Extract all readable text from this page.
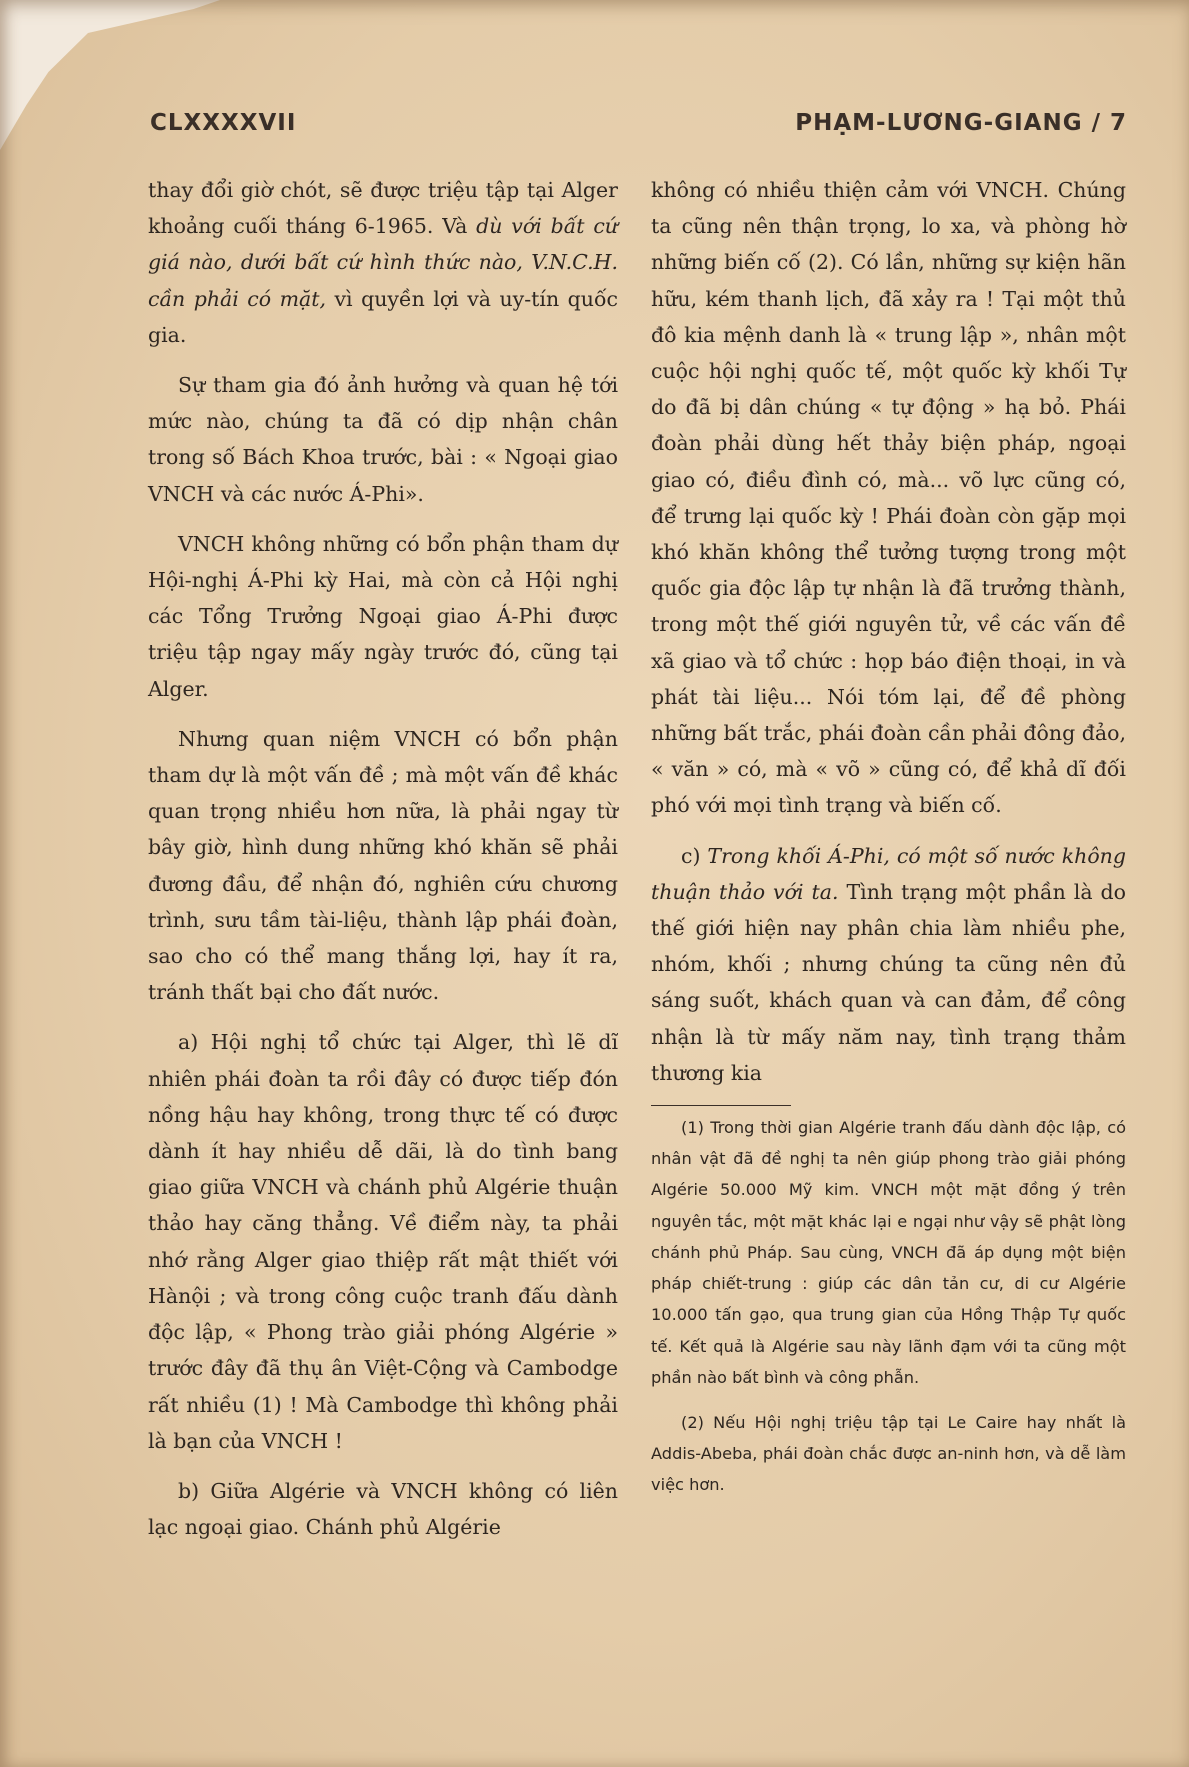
CLXXXXVII	PHẠM-LƯƠNG-GIANG / 7

thay đổi giờ chót, sẽ được triệu tập tại Alger khoảng cuối tháng 6-1965. Và dù với bất cứ giá nào, dưới bất cứ hình thức nào, V.N.C.H. cần phải có mặt, vì quyền lợi và uy-tín quốc gia.

Sự tham gia đó ảnh hưởng và quan hệ tới mức nào, chúng ta đã có dịp nhận chân trong số Bách Khoa trước, bài : « Ngoại giao VNCH và các nước Á-Phi».

VNCH không những có bổn phận tham dự Hội-nghị Á-Phi kỳ Hai, mà còn cả Hội nghị các Tổng Trưởng Ngoại giao Á-Phi được triệu tập ngay mấy ngày trước đó, cũng tại Alger.

Nhưng quan niệm VNCH có bổn phận tham dự là một vấn đề ; mà một vấn đề khác quan trọng nhiều hơn nữa, là phải ngay từ bây giờ, hình dung những khó khăn sẽ phải đương đầu, để nhận đó, nghiên cứu chương trình, sưu tầm tài-liệu, thành lập phái đoàn, sao cho có thể mang thắng lợi, hay ít ra, tránh thất bại cho đất nước.

a) Hội nghị tổ chức tại Alger, thì lẽ dĩ nhiên phái đoàn ta rồi đây có được tiếp đón nồng hậu hay không, trong thực tế có được dành ít hay nhiều dễ dãi, là do tình bang giao giữa VNCH và chánh phủ Algérie thuận thảo hay căng thẳng. Về điểm này, ta phải nhớ rằng Alger giao thiệp rất mật thiết với Hànội ; và trong công cuộc tranh đấu dành độc lập, « Phong trào giải phóng Algérie » trước đây đã thụ ân Việt-Cộng và Cambodge rất nhiều (1) ! Mà Cambodge thì không phải là bạn của VNCH !

b) Giữa Algérie và VNCH không có liên lạc ngoại giao. Chánh phủ Algérie

không có nhiều thiện cảm với VNCH. Chúng ta cũng nên thận trọng, lo xa, và phòng hờ những biến cố (2). Có lần, những sự kiện hãn hữu, kém thanh lịch, đã xảy ra ! Tại một thủ đô kia mệnh danh là « trung lập », nhân một cuộc hội nghị quốc tế, một quốc kỳ khối Tự do đã bị dân chúng « tự động » hạ bỏ. Phái đoàn phải dùng hết thảy biện pháp, ngoại giao có, điều đình có, mà... võ lực cũng có, để trưng lại quốc kỳ ! Phái đoàn còn gặp mọi khó khăn không thể tưởng tượng trong một quốc gia độc lập tự nhận là đã trưởng thành, trong một thế giới nguyên tử, về các vấn đề xã giao và tổ chức : họp báo điện thoại, in và phát tài liệu... Nói tóm lại, để đề phòng những bất trắc, phái đoàn cần phải đông đảo, « văn » có, mà « võ » cũng có, để khả dĩ đối phó với mọi tình trạng và biến cố.

c) Trong khối Á-Phi, có một số nước không thuận thảo với ta. Tình trạng một phần là do thế giới hiện nay phân chia làm nhiều phe, nhóm, khối ; nhưng chúng ta cũng nên đủ sáng suốt, khách quan và can đảm, để công nhận là từ mấy năm nay, tình trạng thảm thương kia

(1) Trong thời gian Algérie tranh đấu dành độc lập, có nhân vật đã đề nghị ta nên giúp phong trào giải phóng Algérie 50.000 Mỹ kim. VNCH một mặt đồng ý trên nguyên tắc, một mặt khác lại e ngại như vậy sẽ phật lòng chánh phủ Pháp. Sau cùng, VNCH đã áp dụng một biện pháp chiết-trung : giúp các dân tản cư, di cư Algérie 10.000 tấn gạo, qua trung gian của Hồng Thập Tự quốc tế. Kết quả là Algérie sau này lãnh đạm với ta cũng một phần nào bất bình và công phẫn.

(2) Nếu Hội nghị triệu tập tại Le Caire hay nhất là Addis-Abeba, phái đoàn chắc được an-ninh hơn, và dễ làm việc hơn.
